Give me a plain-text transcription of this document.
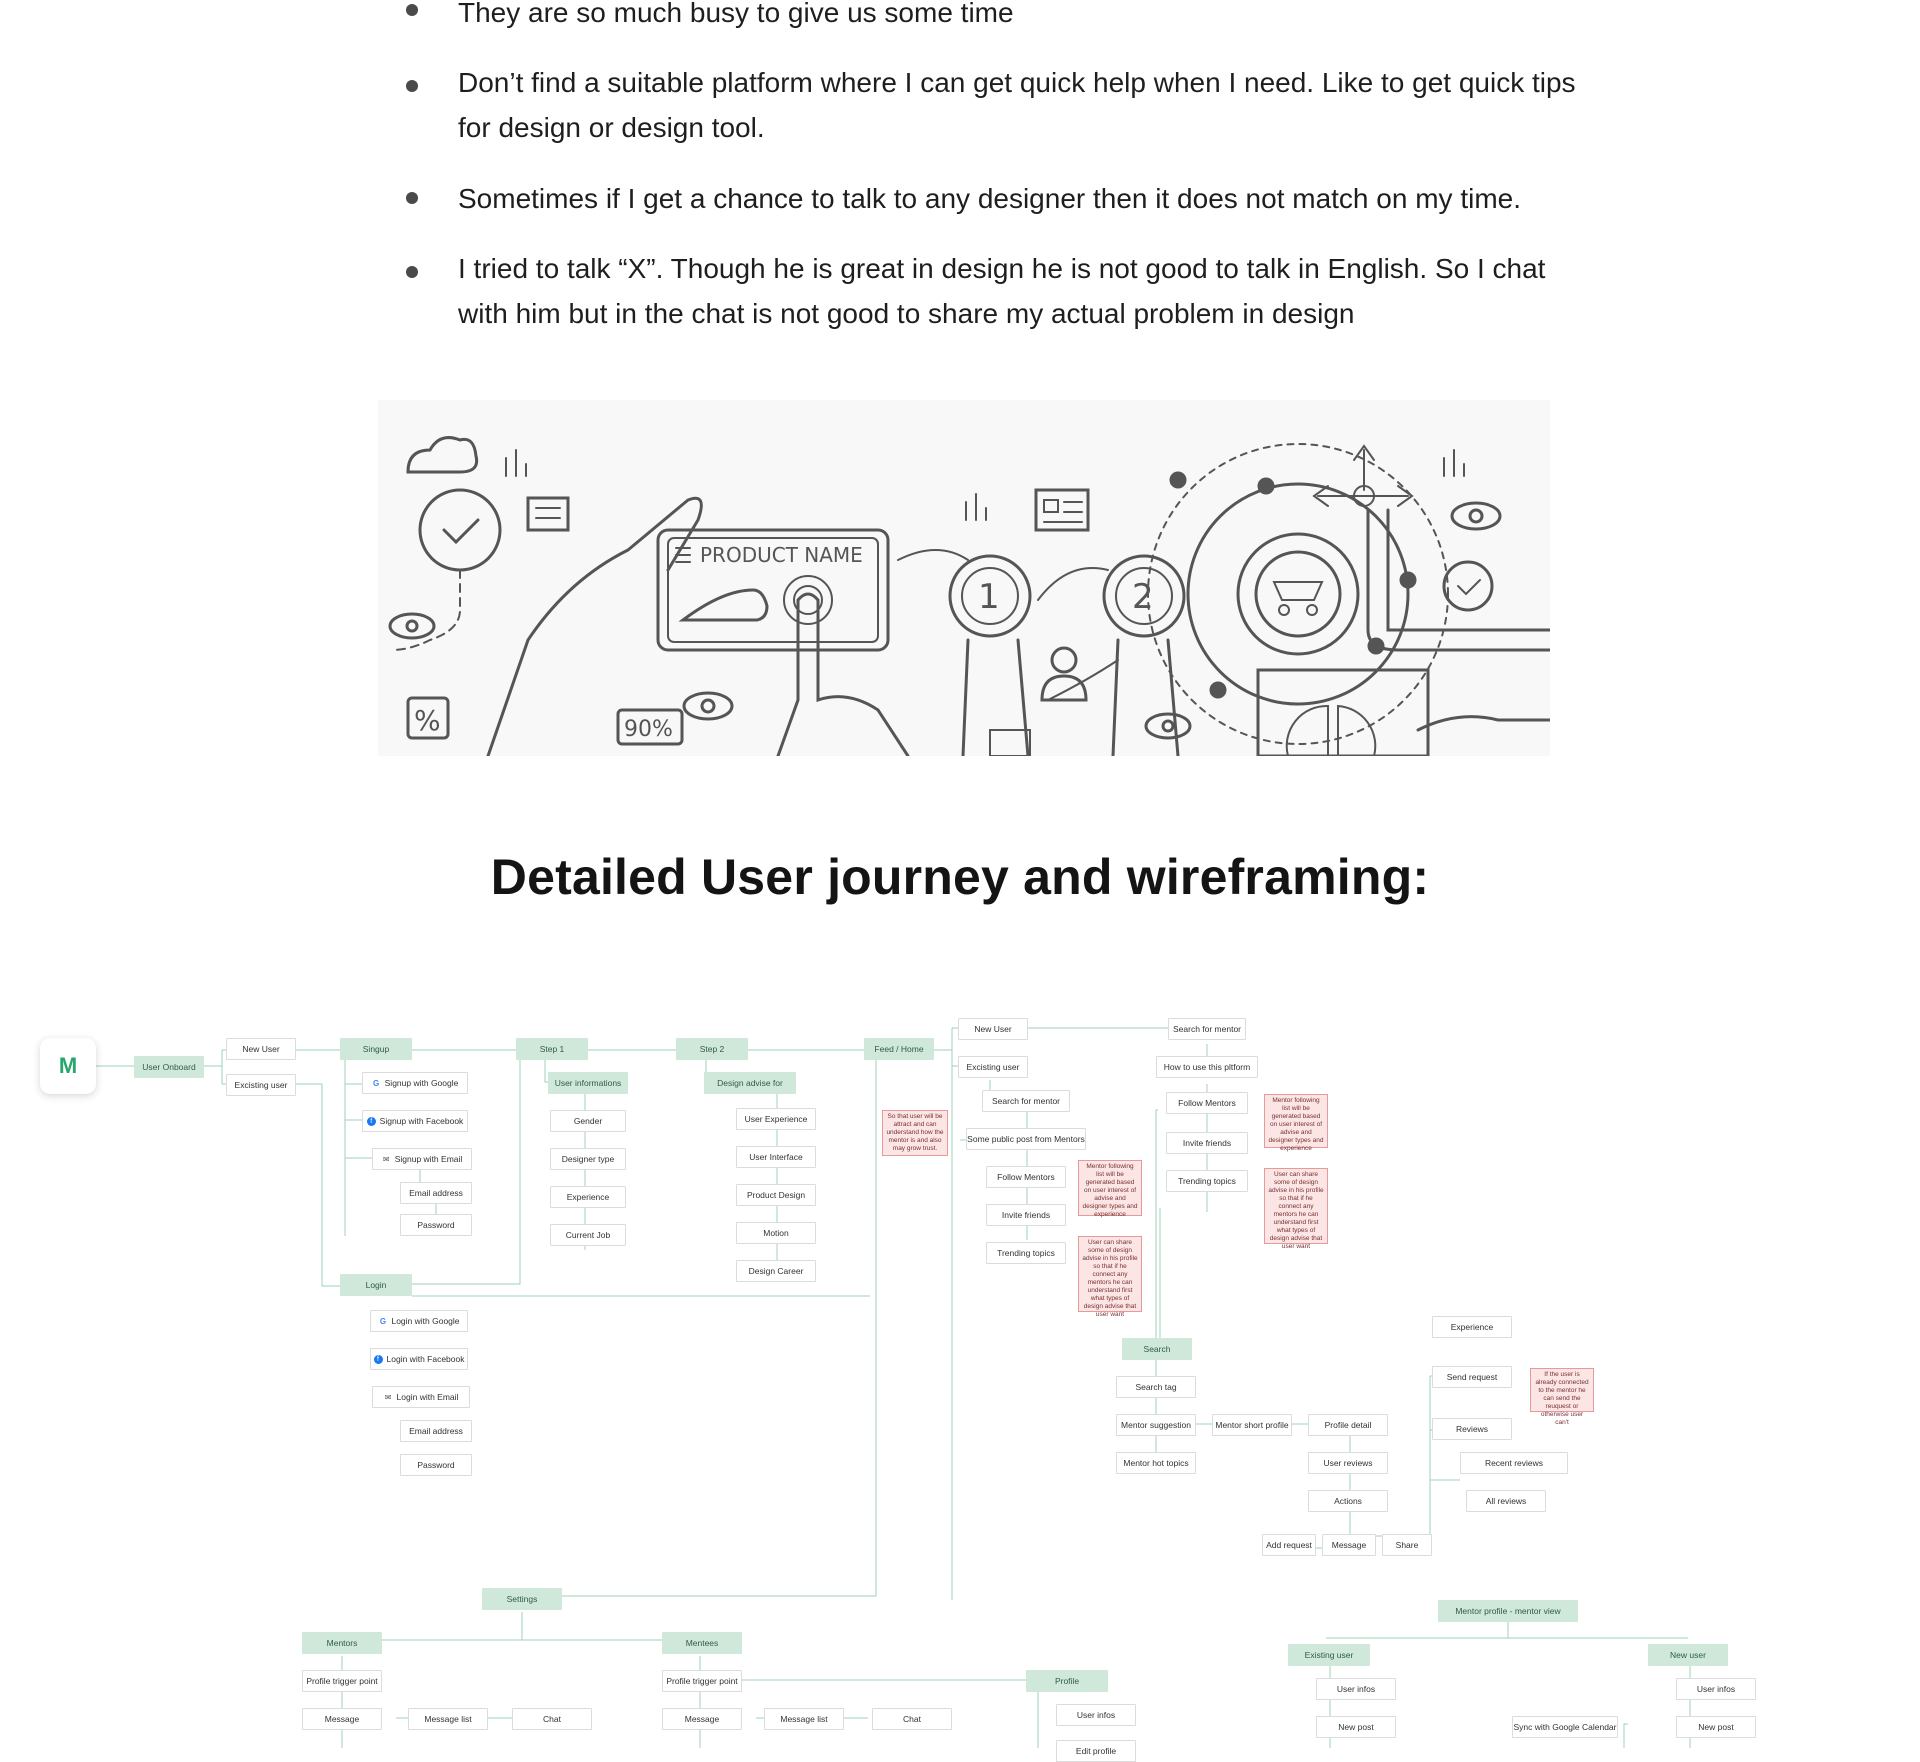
They are so much busy to give us some time
Don’t find a suitable platform where I can get quick help when I need. Like to get quick tips for design or design tool.
Sometimes if I get a chance to talk to any designer then it does not match on my time.
I tried to talk “X”. Though he is great in design he is not good to talk in English. So I chat with him but in the chat is not good to share my actual problem in design
%
PRODUCT NAME
90%
1	2
Detailed User journey and wireframing:
M	User Onboard
New User
Excisting user
Singup
G Signup with Google
f Signup with Facebook
✉ Signup with Email
Email address
Password
Login
G Login with Google
f Login with Facebook
✉ Login with Email
Email address
Password
Step 1
User informations
Gender
Designer type
Experience
Current Job
Step 2
Design advise for
User Experience
User Interface
Product Design
Motion
Design Career
Feed / Home
New User
Excisting user
Search for mentor
So that user will be attract and can understand how the mentor is and also may grow trust.
Some public post from Mentors
Follow Mentors
Mentor following list will be generated based on user interest of advise and designer types and experience
Invite friends
Trending topics
User can share some of design advise in his profile so that if he connect any mentors he can understand first what types of design advise that user want
Search for mentor
How to use this pltform
Follow Mentors	Mentor following list will be generated based on user interest of advise and designer types and experience
Invite friends
Trending topics
User can share some of design advise in his profile so that if he connect any mentors he can understand first what types of design advise that user want
Search
Search tag
Mentor suggestion
Mentor hot topics
Mentor short profile	Profile detail
User reviews
Actions
Add request	Message	Share
Experience
Send request	If the user is already connected to the mentor he can send the reuquest or otherwise user can't
Reviews
Recent reviews
All reviews
Settings
Mentors
Profile trigger point
Message	Message list	Chat
Mentees
Profile trigger point
Message	Message list	Chat
Profile
User infos
Edit profile
Mentor profile - mentor view
Existing user
User infos
New post	Sync with Google Calendar
New user
User infos
New post
